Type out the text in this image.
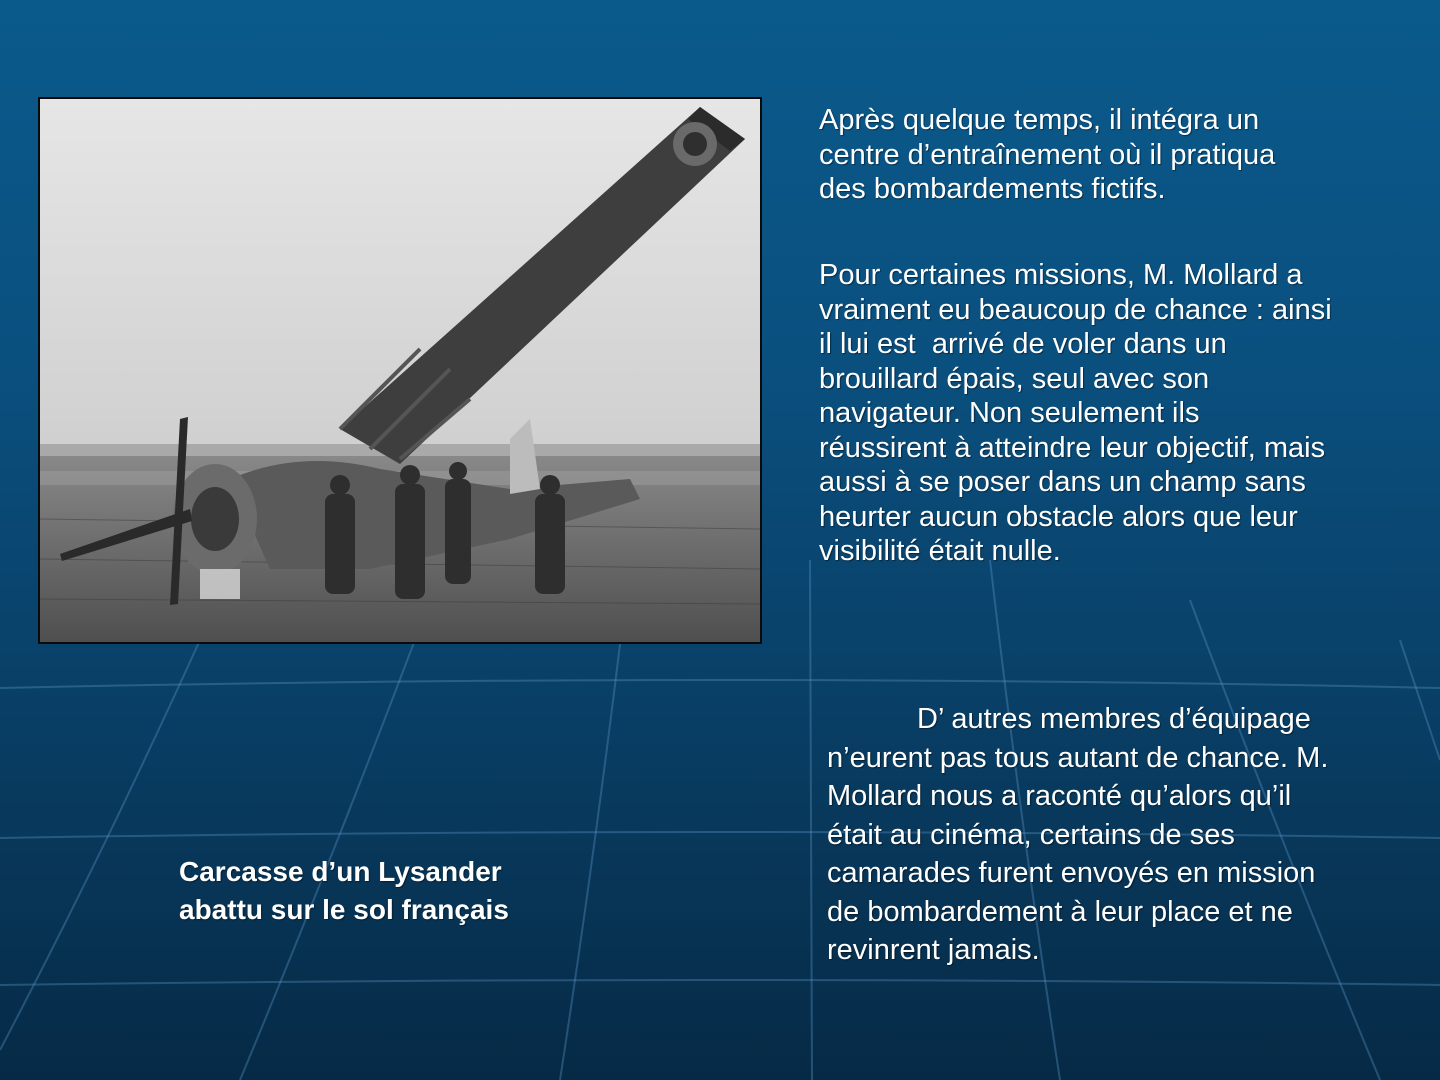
Après quelque temps, il intégra un
centre d’entraînement où il pratiqua
des bombardements fictifs.
Pour certaines missions, M. Mollard a
vraiment eu beaucoup de chance : ainsi
il lui est  arrivé de voler dans un
brouillard épais, seul avec son
navigateur. Non seulement ils
réussirent à atteindre leur objectif, mais
aussi à se poser dans un champ sans
heurter aucun obstacle alors que leur
visibilité était nulle.
D’ autres membres d’équipage
n’eurent pas tous autant de chance. M.
Mollard nous a raconté qu’alors qu’il
était au cinéma, certains de ses
camarades furent envoyés en mission
de bombardement à leur place et ne
revinrent jamais.
Carcasse d’un Lysander
abattu sur le sol français
